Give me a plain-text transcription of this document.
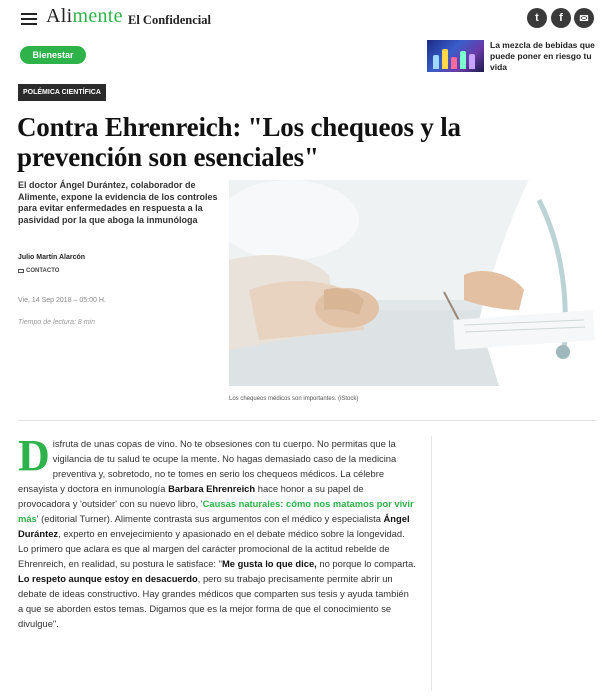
Alimente El Confidencial	t	f	✉
Bienestar
La mezcla de bebidas que puede poner en riesgo tu vida
POLÉMICA CIENTÍFICA
Contra Ehrenreich: "Los chequeos y la prevención son esenciales"
El doctor Ángel Durántez, colaborador de Alimente, expone la evidencia de los controles para evitar enfermedades en respuesta a la pasividad por la que aboga la inmunóloga
Julio Martín Alarcón
CONTACTO
Vie, 14 Sep 2018 – 05:00 H.
Tiempo de lectura: 8 min
Los chequeos médicos son importantes. (iStock)
Disfruta de unas copas de vino. No te obsesiones con tu cuerpo. No permitas que la vigilancia de tu salud te ocupe la mente. No hagas demasiado caso de la medicina preventiva y, sobretodo, no te tomes en serio los chequeos médicos. La célebre ensayista y doctora en inmunología Barbara Ehrenreich hace honor a su papel de provocadora y 'outsider' con su nuevo libro, 'Causas naturales: cómo nos matamos por vivir más' (editorial Turner). Alimente contrasta sus argumentos con el médico y especialista Ángel Durántez, experto en envejecimiento y apasionado en el debate médico sobre la longevidad. Lo primero que aclara es que al margen del carácter promocional de la actitud rebelde de Ehrenreich, en realidad, su postura le satisface: "Me gusta lo que dice, no porque lo comparta. Lo respeto aunque estoy en desacuerdo, pero su trabajo precisamente permite abrir un debate de ideas constructivo. Hay grandes médicos que comparten sus tesis y ayuda también a que se aborden estos temas. Digamos que es la mejor forma de que el conocimiento se divulgue".
